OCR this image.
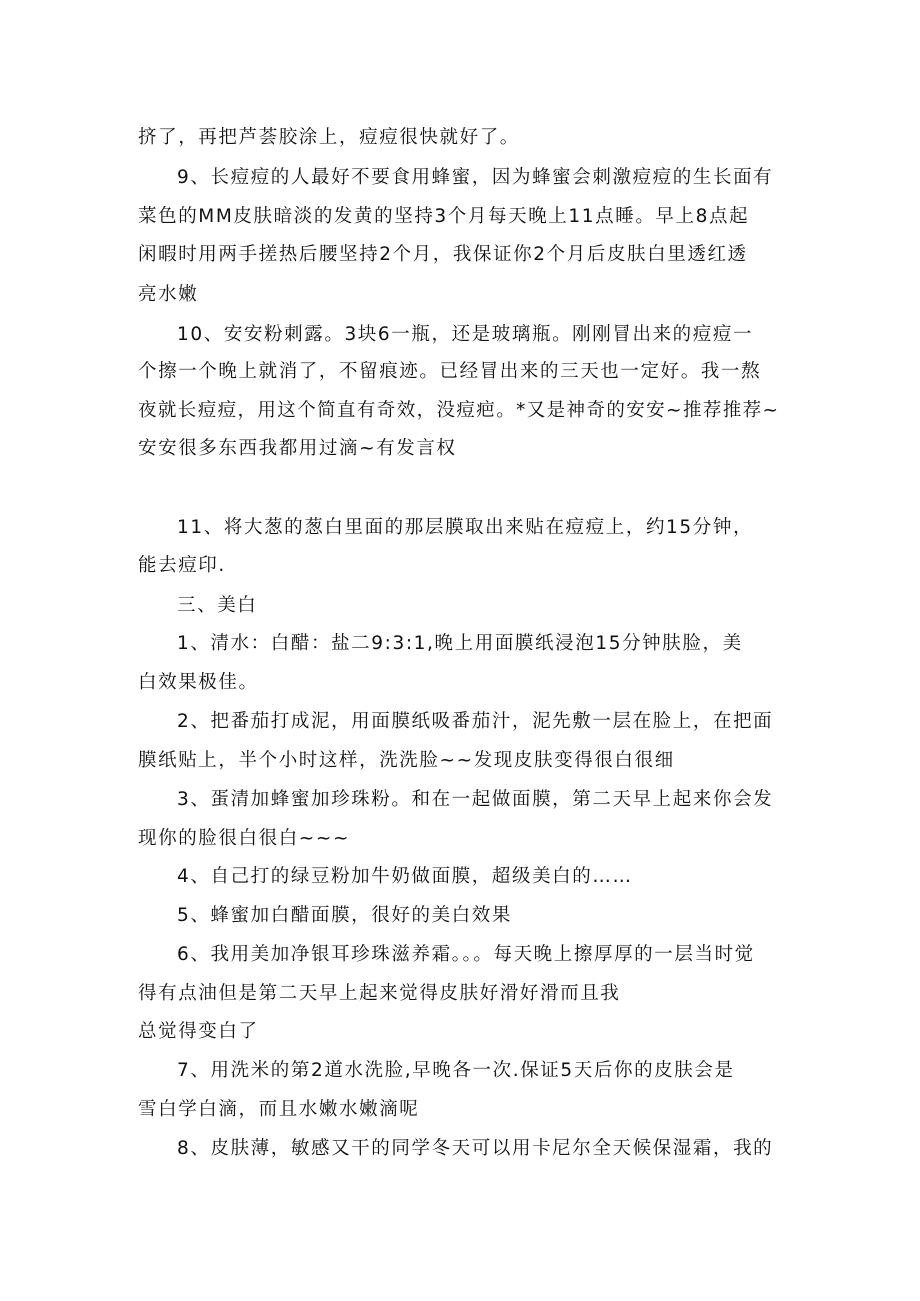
挤了，再把芦荟胶涂上，痘痘很快就好了。
9、长痘痘的人最好不要食用蜂蜜，因为蜂蜜会刺激痘痘的生长面有
菜色的MM皮肤暗淡的发黄的坚持3个月每天晚上11点睡。早上8点起
闲暇时用两手搓热后腰坚持2个月，我保证你2个月后皮肤白里透红透
亮水嫩
10、安安粉刺露。3块6一瓶，还是玻璃瓶。刚刚冒出来的痘痘一
个擦一个晚上就消了，不留痕迹。已经冒出来的三天也一定好。我一熬
夜就长痘痘，用这个简直有奇效，没痘疤。*又是神奇的安安~推荐推荐~
安安很多东西我都用过滴~有发言权
11、将大葱的葱白里面的那层膜取出来贴在痘痘上，约15分钟，
能去痘印.
三、美白
1、清水：白醋：盐二9:3:1,晚上用面膜纸浸泡15分钟肤脸，美
白效果极佳。
2、把番茄打成泥，用面膜纸吸番茄汁，泥先敷一层在脸上，在把面
膜纸贴上，半个小时这样，洗洗脸~~发现皮肤变得很白很细
3、蛋清加蜂蜜加珍珠粉。和在一起做面膜，第二天早上起来你会发
现你的脸很白很白~~~
4、自己打的绿豆粉加牛奶做面膜，超级美白的……
5、蜂蜜加白醋面膜，很好的美白效果
6、我用美加净银耳珍珠滋养霜。。。每天晚上擦厚厚的一层当时觉
得有点油但是第二天早上起来觉得皮肤好滑好滑而且我
总觉得变白了
7、用洗米的第2道水洗脸,早晚各一次.保证5天后你的皮肤会是
雪白学白滴，而且水嫩水嫩滴呢
8、皮肤薄，敏感又干的同学冬天可以用卡尼尔全天候保湿霜，我的
